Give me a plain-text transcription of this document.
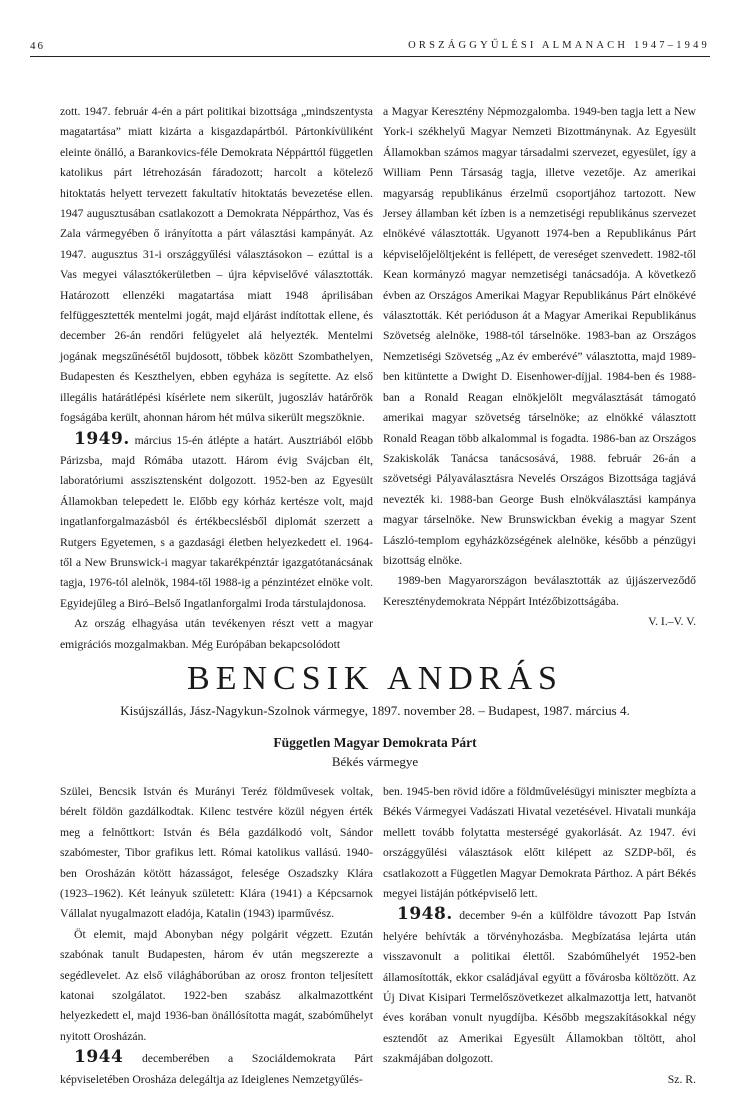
46	ORSZÁGGYŰLÉSI ALMANACH 1947–1949

zott. 1947. február 4-én a párt politikai bizottsága „mindszentysta magatartása” miatt kizárta a kisgazdapártból. Pártonkívüliként eleinte önálló, a Barankovics-féle Demokrata Néppárttól független katolikus párt létrehozásán fáradozott; harcolt a kötelező hitoktatás helyett tervezett fakultatív hitoktatás bevezetése ellen. 1947 augusztusában csatlakozott a Demokrata Néppárthoz, Vas és Zala vármegyében ő irányította a párt választási kampányát. Az 1947. augusztus 31-i országgyűlési választásokon – ezúttal is a Vas megyei választókerületben – újra képviselővé választották. Határozott ellenzéki magatartása miatt 1948 áprilisában felfüggesztették mentelmi jogát, majd eljárást indítottak ellene, és december 26-án rendőri felügyelet alá helyezték. Mentelmi jogának megszűnésétől bujdosott, többek között Szombathelyen, Budapesten és Keszthelyen, ebben egyháza is segítette. Az első illegális határátlépési kísérlete nem sikerült, jugoszláv határőrök fogságába került, ahonnan három hét múlva sikerült megszöknie.

1949. március 15-én átlépte a határt. Ausztriából előbb Párizsba, majd Rómába utazott. Három évig Svájcban élt, laboratóriumi asszisztensként dolgozott. 1952-ben az Egyesült Államokban telepedett le. Előbb egy kórház kertésze volt, majd ingatlanforgalmazásból és értékbecslésből diplomát szerzett a Rutgers Egyetemen, s a gazdasági életben helyezkedett el. 1964-től a New Brunswick-i magyar takarékpénztár igazgatótanácsának tagja, 1976-tól alelnök, 1984-től 1988-ig a pénzintézet elnöke volt. Egyidejűleg a Biró–Belső Ingatlanforgalmi Iroda társtulajdonosa.

Az ország elhagyása után tevékenyen részt vett a magyar emigrációs mozgalmakban. Még Európában bekapcsolódott

a Magyar Keresztény Népmozgalomba. 1949-ben tagja lett a New York-i székhelyű Magyar Nemzeti Bizottmánynak. Az Egyesült Államokban számos magyar társadalmi szervezet, egyesület, így a William Penn Társaság tagja, illetve vezetője. Az amerikai magyarság republikánus érzelmű csoportjához tartozott. New Jersey államban két ízben is a nemzetiségi republikánus szervezet elnökévé választották. Ugyanott 1974-ben a Republikánus Párt képviselőjelöltjeként is fellépett, de vereséget szenvedett. 1982-től Kean kormányzó magyar nemzetiségi tanácsadója. A következő évben az Országos Amerikai Magyar Republikánus Párt elnökévé választották. Két perióduson át a Magyar Amerikai Republikánus Szövetség alelnöke, 1988-tól társelnöke. 1983-ban az Országos Nemzetiségi Szövetség „Az év emberévé” választotta, majd 1989-ben kitüntette a Dwight D. Eisenhower-díjjal. 1984-ben és 1988-ban a Ronald Reagan elnökjelölt megválasztását támogató amerikai magyar szövetség társelnöke; az elnökké választott Ronald Reagan több alkalommal is fogadta. 1986-ban az Országos Szakiskolák Tanácsa tanácsosává, 1988. február 26-án a szövetségi Pályaválasztásra Nevelés Országos Bizottsága tagjává nevezték ki. 1988-ban George Bush elnökválasztási kampánya magyar társelnöke. New Brunswickban évekig a magyar Szent László-templom egyházközségének alelnöke, később a pénzügyi bizottság elnöke.

1989-ben Magyarországon beválasztották az újjászerveződő Kereszténydemokrata Néppárt Intézőbizottságába.

V. I.–V. V.

BENCSIK ANDRÁS
Kisújszállás, Jász-Nagykun-Szolnok vármegye, 1897. november 28. – Budapest, 1987. március 4.
Független Magyar Demokrata Párt
Békés vármegye

Szülei, Bencsik István és Murányi Teréz földművesek voltak, bérelt földön gazdálkodtak. Kilenc testvére közül négyen érték meg a felnőttkort: István és Béla gazdálkodó volt, Sándor szabómester, Tibor grafikus lett. Római katolikus vallású. 1940-ben Orosházán kötött házasságot, felesége Oszadszky Klára (1923–1962). Két leányuk született: Klára (1941) a Képcsarnok Vállalat nyugalmazott eladója, Katalin (1943) iparművész.

Öt elemit, majd Abonyban négy polgárit végzett. Ezután szabónak tanult Budapesten, három év után megszerezte a segédlevelet. Az első világháborúban az orosz fronton teljesített katonai szolgálatot. 1922-ben szabász alkalmazottként helyezkedett el, majd 1936-ban önállósította magát, szabóműhelyt nyitott Orosházán.

1944 decemberében a Szociáldemokrata Párt képviseletében Orosháza delegáltja az Ideiglenes Nemzetgyűlés-

ben. 1945-ben rövid időre a földművelésügyi miniszter megbízta a Békés Vármegyei Vadászati Hivatal vezetésével. Hivatali munkája mellett tovább folytatta mesterségé gyakorlását. Az 1947. évi országgyűlési választások előtt kilépett az SZDP-ből, és csatlakozott a Független Magyar Demokrata Párthoz. A párt Békés megyei listáján pótképviselő lett.

1948. december 9-én a külföldre távozott Pap István helyére behívták a törvényhozásba. Megbízatása lejárta után visszavonult a politikai élettől. Szabóműhelyét 1952-ben államosították, ekkor családjával együtt a fővárosba költözött. Az Új Divat Kisipari Termelőszövetkezet alkalmazottja lett, hatvanöt éves korában vonult nyugdíjba. Később megszakításokkal négy esztendőt az Amerikai Egyesült Államokban töltött, ahol szakmájában dolgozott.

Sz. R.
